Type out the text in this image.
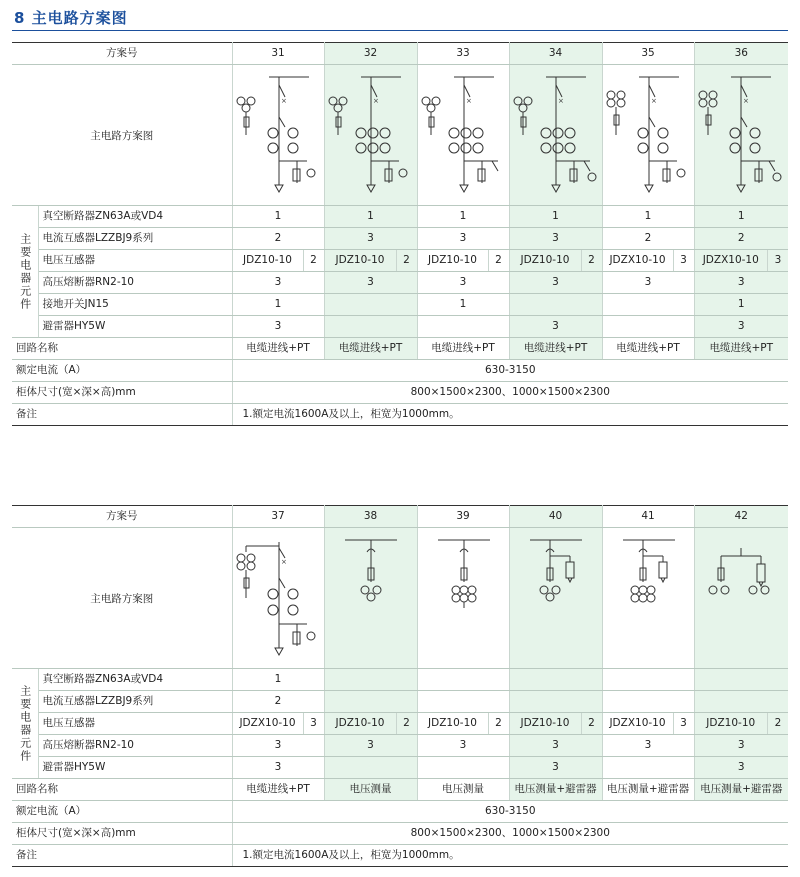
8 主电路方案图
方案号		31	32	33	34	35	36
主电路方案图		×	×	×	×	×	×

主要电器元件	真空断路器ZN63A或VD4	1	1	1	1	1	1
	电流互感器LZZBJ9系列	2	3	3	3	2	2
	电压互感器	JDZ10-10 2	JDZ10-10 2	JDZ10-10 2	JDZ10-10 2	JDZX10-10 3	JDZX10-10 3

	高压熔断器RN2-10	3	3	3	3	3	3
	接地开关JN15	1		1			1
	避雷器HY5W	3			3		3
回路名称		电缆进线+PT	电缆进线+PT	电缆进线+PT	电缆进线+PT	电缆进线+PT	电缆进线+PT
额定电流（A）		630-3150					
柜体尺寸(宽×深×高)mm		800×1500×2300、1000×1500×2300					
备注		1.额定电流1600A及以上，柜宽为1000mm。					
方案号		37	38	39	40	41	42
主电路方案图		×

主要电器元件	真空断路器ZN63A或VD4	1					
	电流互感器LZZBJ9系列	2					
	电压互感器	JDZX10-10 3	JDZ10-10 2	JDZ10-10 2	JDZ10-10 2	JDZX10-10 3	JDZ10-10 2

	高压熔断器RN2-10	3	3	3	3	3	3
	避雷器HY5W	3			3		3
回路名称		电缆进线+PT	电压测量	电压测量	电压测量+避雷器	电压测量+避雷器	电压测量+避雷器
额定电流（A）		630-3150					
柜体尺寸(宽×深×高)mm		800×1500×2300、1000×1500×2300					
备注		1.额定电流1600A及以上，柜宽为1000mm。					
